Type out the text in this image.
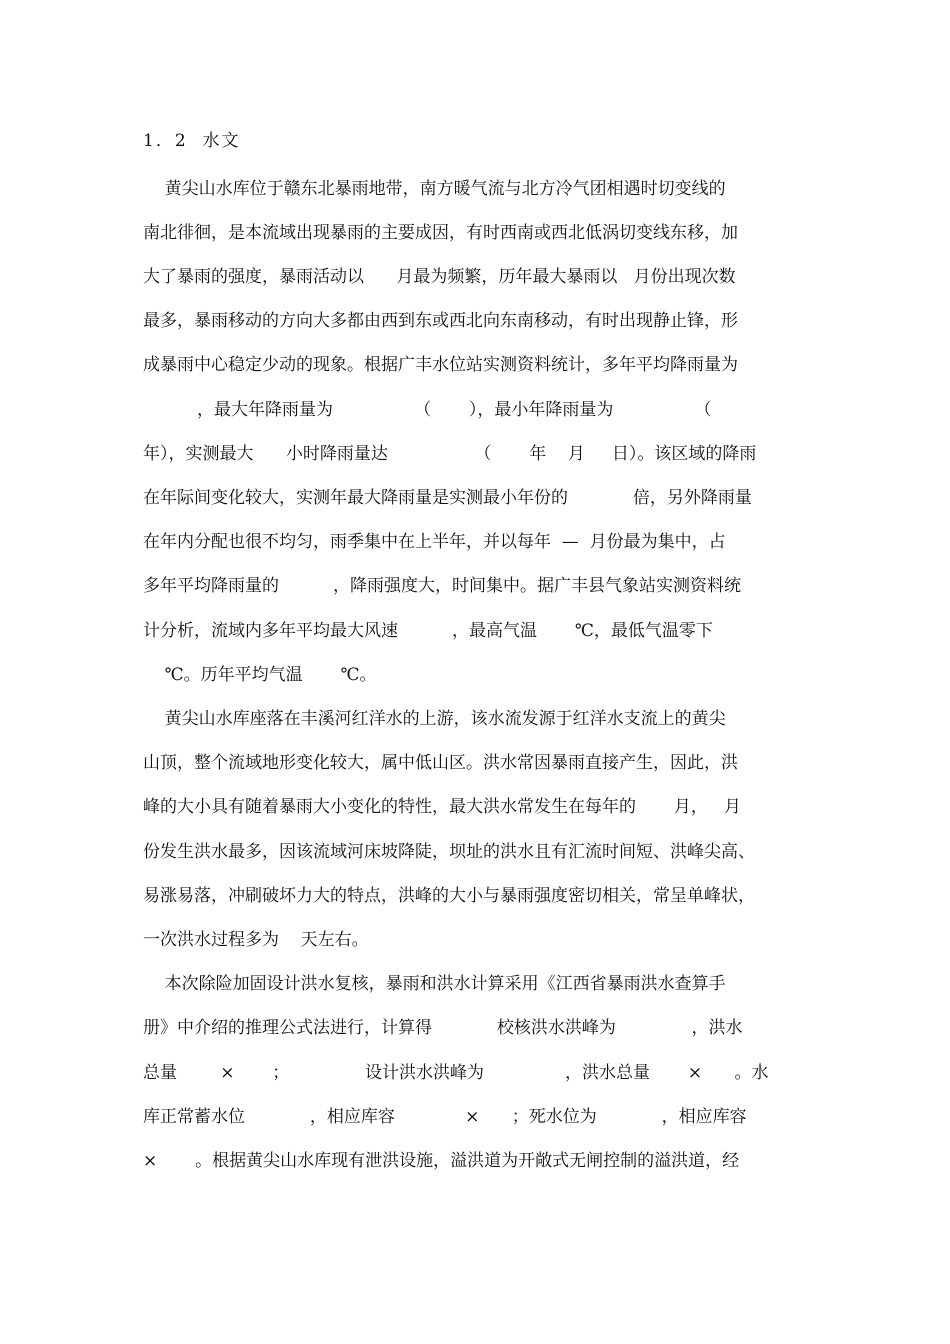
1．2  水文
黄尖山水库位于赣东北暴雨地带，南方暖气流与北方冷气团相遇时切变线的
南北徘徊，是本流域出现暴雨的主要成因，有时西南或西北低涡切变线东移，加
大了暴雨的强度，暴雨活动以      月最为频繁，历年最大暴雨以   月份出现次数
最多，暴雨移动的方向大多都由西到东或西北向东南移动，有时出现静止锋，形
成暴雨中心稳定少动的现象。根据广丰水位站实测资料统计，多年平均降雨量为
，最大年降雨量为               （       ），最小年降雨量为               （
年），实测最大      小时降雨量达                （       年    月     日）。该区域的降雨
在年际间变化较大，实测年最大降雨量是实测最小年份的            倍，另外降雨量
在年内分配也很不均匀，雨季集中在上半年，并以每年  —  月份最为集中，占
多年平均降雨量的          ，降雨强度大，时间集中。据广丰县气象站实测资料统
计分析，流域内多年平均最大风速          ，最高气温       ℃，最低气温零下
℃。历年平均气温       ℃。
黄尖山水库座落在丰溪河红洋水的上游，该水流发源于红洋水支流上的黄尖
山顶，整个流域地形变化较大，属中低山区。洪水常因暴雨直接产生，因此，洪
峰的大小具有随着暴雨大小变化的特性，最大洪水常发生在每年的       月，   月
份发生洪水最多，因该流域河床坡降陡，坝址的洪水且有汇流时间短、洪峰尖高、
易涨易落，冲刷破坏力大的特点，洪峰的大小与暴雨强度密切相关，常呈单峰状，
一次洪水过程多为    天左右。
本次除险加固设计洪水复核，暴雨和洪水计算采用《江西省暴雨洪水查算手
册》中介绍的推理公式法进行，计算得            校核洪水洪峰为              ，洪水
总量        ×       ；              设计洪水洪峰为               ，洪水总量       ×      。水
库正常蓄水位            ，相应库容             ×      ；死水位为            ，相应库容
×       。根据黄尖山水库现有泄洪设施，溢洪道为开敞式无闸控制的溢洪道，经
